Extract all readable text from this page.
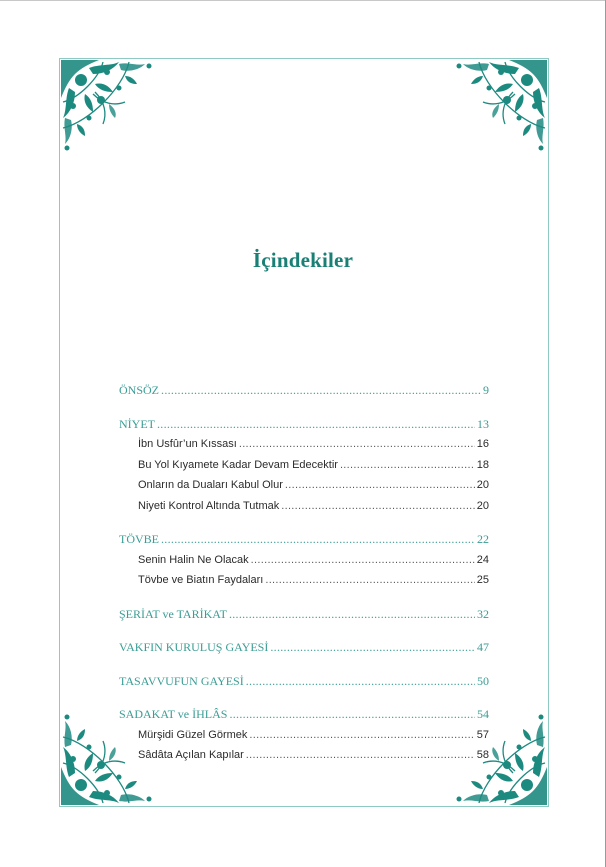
İçindekiler
ÖNSÖZ .....	9
NİYET .....	13
İbn Usfûr’un Kıssası .....	16
Bu Yol Kıyamete Kadar Devam Edecektir .....	18
Onların da Duaları Kabul Olur .....	20
Niyeti Kontrol Altında Tutmak .....	20
TÖVBE .....	22
Senin Halin Ne Olacak .....	24
Tövbe ve Biatın Faydaları .....	25
ŞERİAT ve TARİKAT .....	32
VAKFIN KURULUŞ GAYESİ .....	47
TASAVVUFUN GAYESİ .....	50
SADAKAT ve İHLÂS .....	54
Mürşidi Güzel Görmek .....	57
Sâdâta Açılan Kapılar .....	58
